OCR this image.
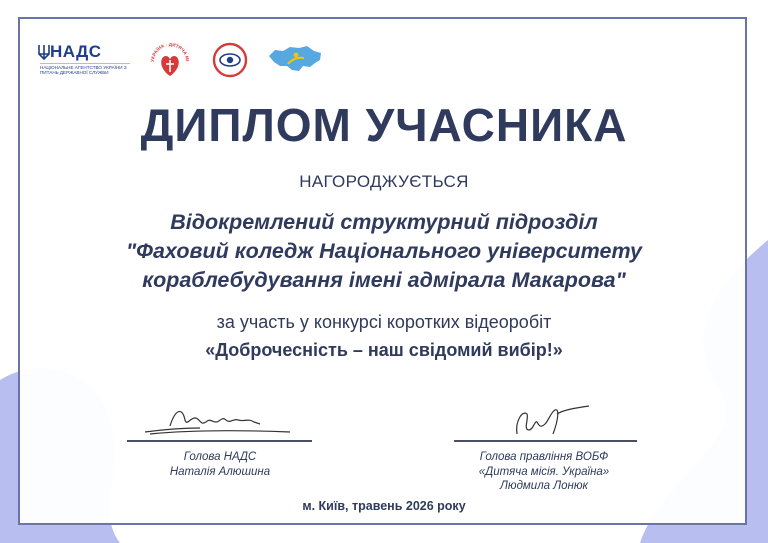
НАДС
НАЦІОНАЛЬНЕ АГЕНТСТВО УКРАЇНИ З ПИТАНЬ ДЕРЖАВНОЇ СЛУЖБИ
УКРАЇНА · ДИТЯЧА МІ
ДИПЛОМ УЧАСНИКА
НАГОРОДЖУЄТЬСЯ
Відокремлений структурний підрозділ
"Фаховий коледж Національного університету
кораблебудування імені адмірала Макарова"
за участь у конкурсі коротких відеоробіт
«Доброчесність – наш свідомий вибір!»
Голова НАДС
Наталія Алюшина
Голова правління ВОБФ
«Дитяча місія. Україна»
Людмила Лонюк
м. Київ, травень 2026 року
